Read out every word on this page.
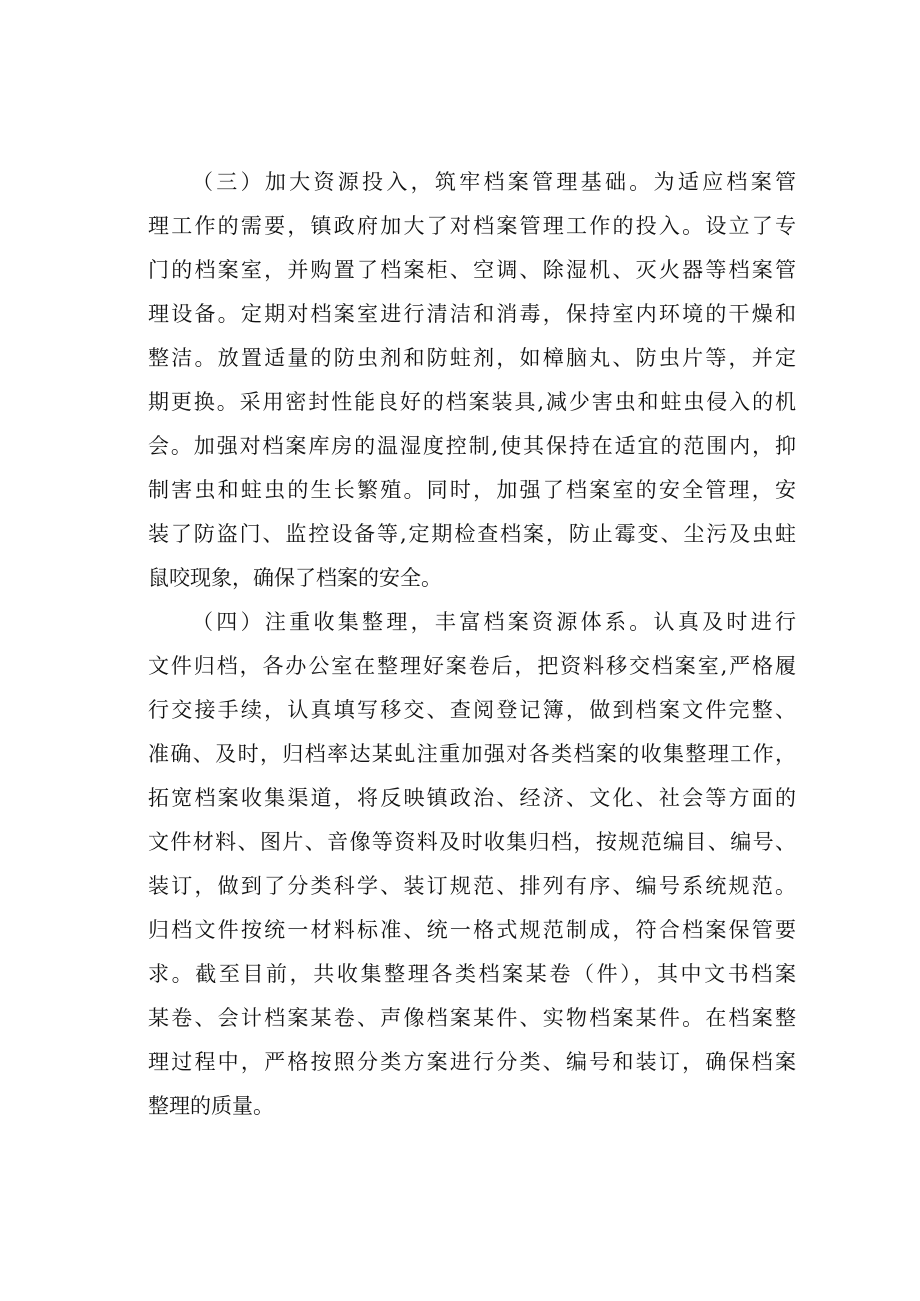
（三）加大资源投入，筑牢档案管理基础。为适应档案管
理工作的需要，镇政府加大了对档案管理工作的投入。设立了专
门的档案室，并购置了档案柜、空调、除湿机、灭火器等档案管
理设备。定期对档案室进行清洁和消毒，保持室内环境的干燥和
整洁。放置适量的防虫剂和防蛀剂，如樟脑丸、防虫片等，并定
期更换。采用密封性能良好的档案装具,减少害虫和蛀虫侵入的机
会。加强对档案库房的温湿度控制,使其保持在适宜的范围内，抑
制害虫和蛀虫的生长繁殖。同时，加强了档案室的安全管理，安
装了防盗门、监控设备等,定期检查档案，防止霉变、尘污及虫蛀
鼠咬现象，确保了档案的安全。
（四）注重收集整理，丰富档案资源体系。认真及时进行
文件归档，各办公室在整理好案卷后，把资料移交档案室,严格履
行交接手续，认真填写移交、查阅登记簿，做到档案文件完整、
准确、及时，归档率达某虬注重加强对各类档案的收集整理工作，
拓宽档案收集渠道，将反映镇政治、经济、文化、社会等方面的
文件材料、图片、音像等资料及时收集归档，按规范编目、编号、
装订，做到了分类科学、装订规范、排列有序、编号系统规范。
归档文件按统一材料标准、统一格式规范制成，符合档案保管要
求。截至目前，共收集整理各类档案某卷（件），其中文书档案
某卷、会计档案某卷、声像档案某件、实物档案某件。在档案整
理过程中，严格按照分类方案进行分类、编号和装订，确保档案
整理的质量。
